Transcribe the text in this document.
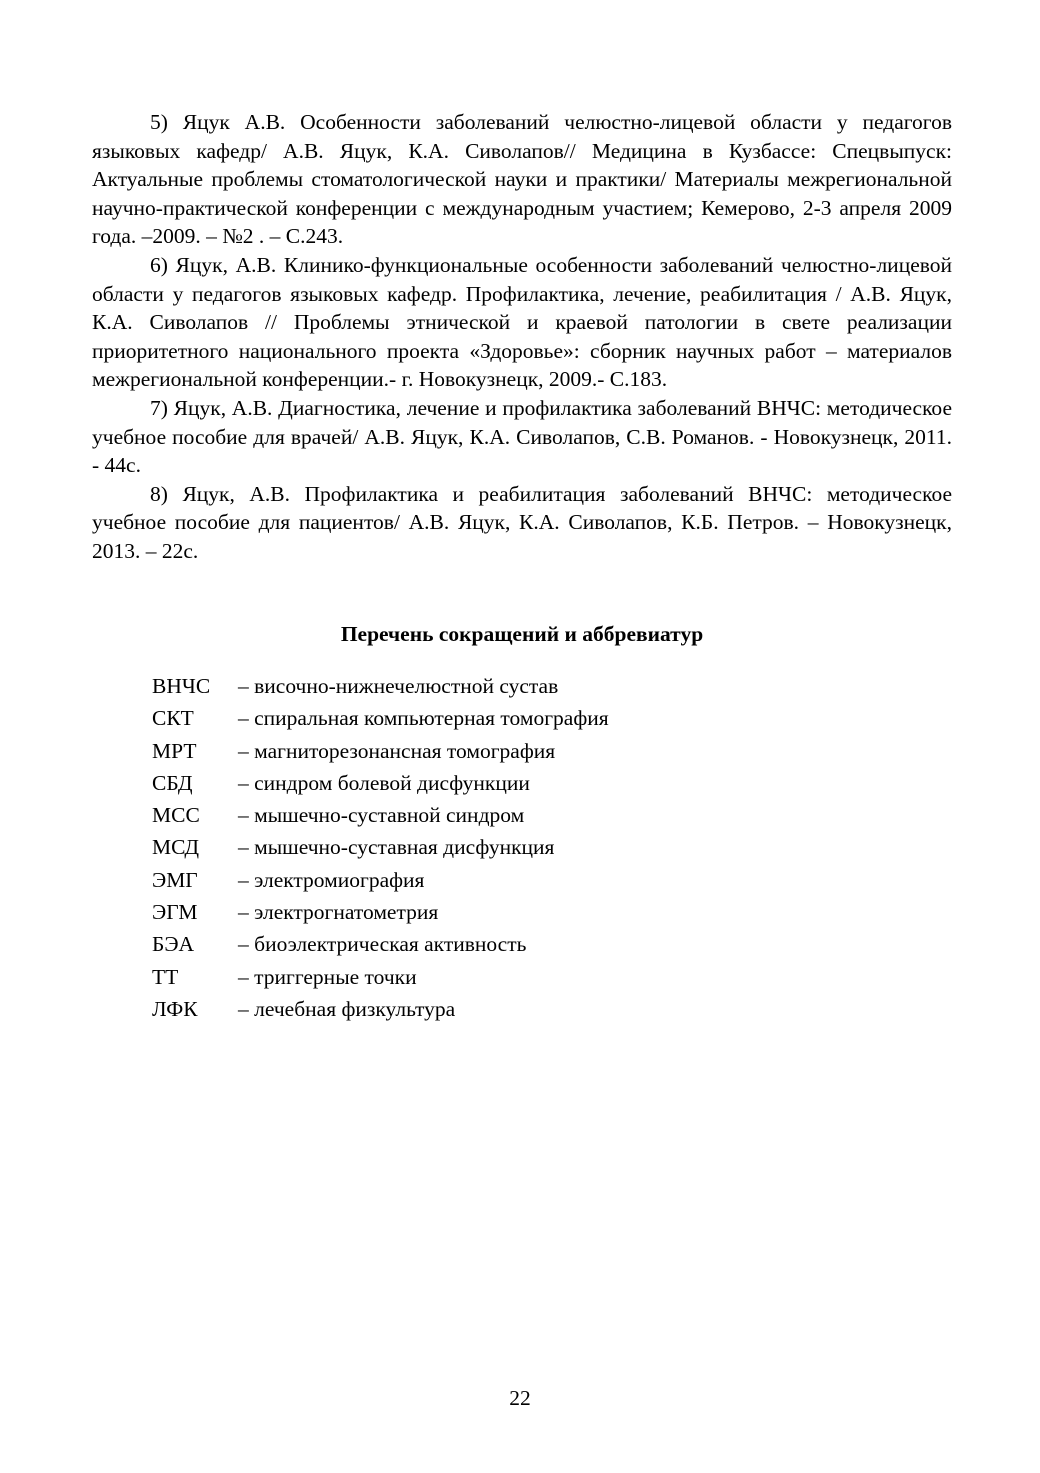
5) Яцук А.В. Особенности заболеваний челюстно-лицевой области у педагогов языковых кафедр/ А.В. Яцук, К.А. Сиволапов// Медицина в Кузбассе: Спецвыпуск: Актуальные проблемы стоматологической науки и практики/ Материалы межрегиональной научно-практической конференции с международным участием; Кемерово, 2-3 апреля 2009 года. ‒2009. ‒ №2 . ‒ С.243.

6) Яцук, А.В. Клинико-функциональные особенности заболеваний челюстно-лицевой области у педагогов языковых кафедр. Профилактика, лечение, реабилитация / А.В. Яцук, К.А. Сиволапов // Проблемы этнической и краевой патологии в свете реализации приоритетного национального проекта «Здоровье»: сборник научных работ – материалов межрегиональной конференции.- г. Новокузнецк, 2009.- С.183.

7) Яцук, А.В. Диагностика, лечение и профилактика заболеваний ВНЧС: методическое учебное пособие для врачей/ А.В. Яцук, К.А. Сиволапов, С.В. Романов. - Новокузнецк, 2011. - 44с.

8) Яцук, А.В. Профилактика и реабилитация заболеваний ВНЧС: методическое учебное пособие для пациентов/ А.В. Яцук, К.А. Сиволапов, К.Б. Петров. – Новокузнецк, 2013. – 22с.

Перечень сокращений и аббревиатур
ВНЧС	– височно-нижнечелюстной сустав
СКТ	– спиральная компьютерная томография
МРТ	– магниторезонансная томография
СБД	– синдром болевой дисфункции
МСС	– мышечно-суставной синдром
МСД	– мышечно-суставная дисфункция
ЭМГ	– электромиография
ЭГМ	– электрогнатометрия
БЭА	– биоэлектрическая активность
ТТ	– триггерные точки
ЛФК	– лечебная физкультура
22
